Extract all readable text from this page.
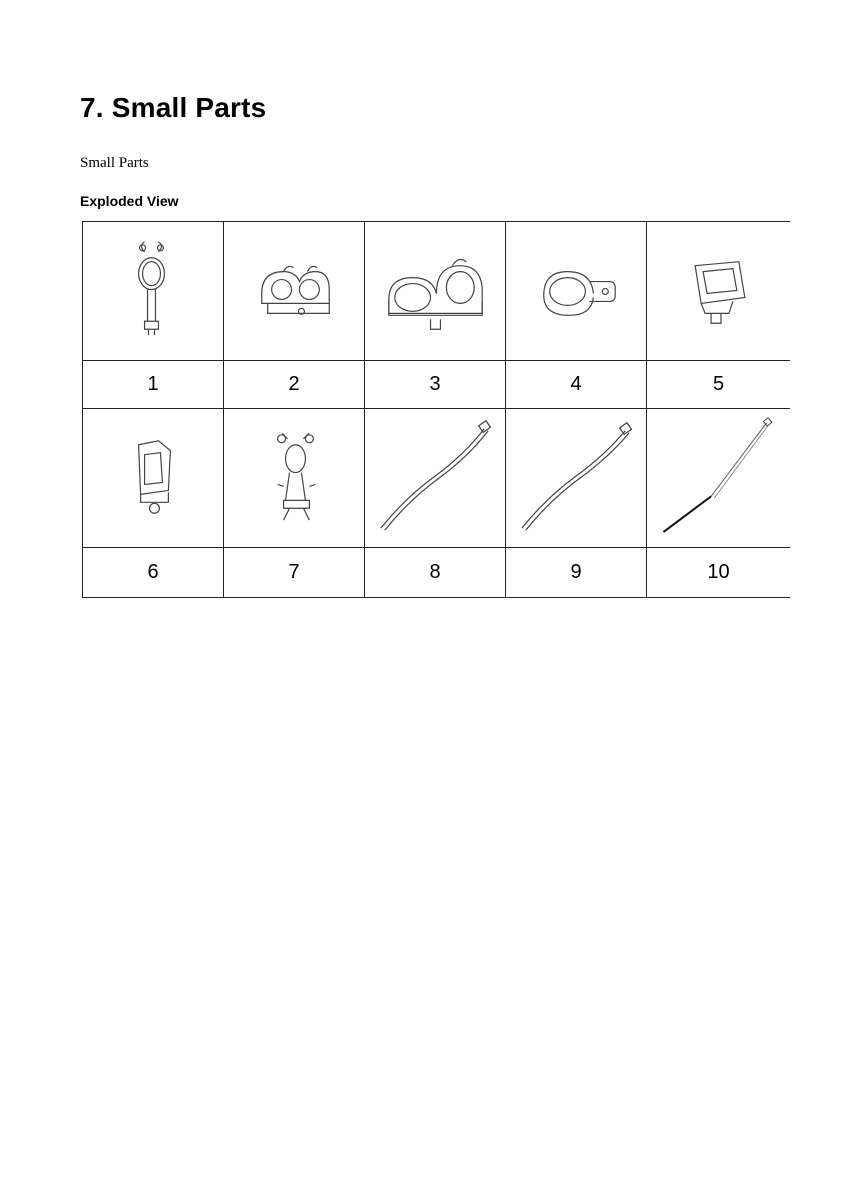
7. Small Parts
Small Parts
Exploded View
1	2	3	4	5
6	7	8	9	10
